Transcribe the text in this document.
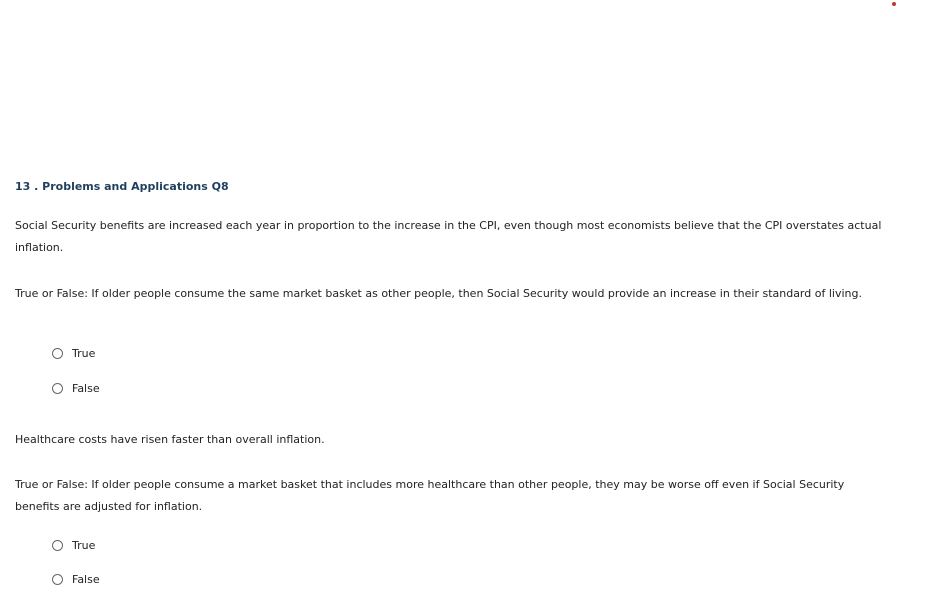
13 . Problems and Applications Q8

Social Security benefits are increased each year in proportion to the increase in the CPI, even though most economists believe that the CPI overstates actual inflation.

True or False: If older people consume the same market basket as other people, then Social Security would provide an increase in their standard of living.

True
False

Healthcare costs have risen faster than overall inflation.

True or False: If older people consume a market basket that includes more healthcare than other people, they may be worse off even if Social Security benefits are adjusted for inflation.

True
False
